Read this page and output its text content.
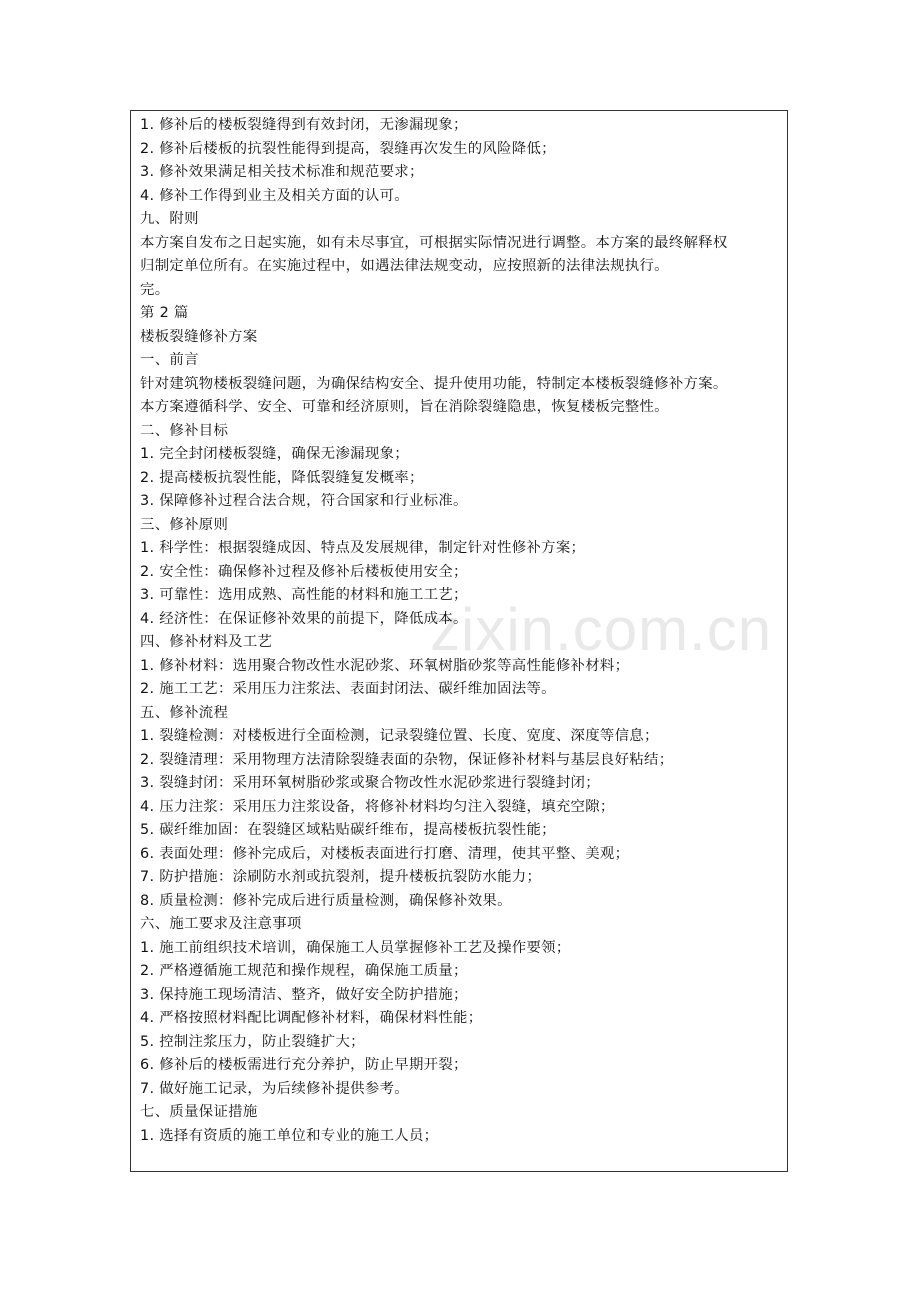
zixin.com.cn
1. 修补后的楼板裂缝得到有效封闭，无渗漏现象；
2. 修补后楼板的抗裂性能得到提高，裂缝再次发生的风险降低；
3. 修补效果满足相关技术标准和规范要求；
4. 修补工作得到业主及相关方面的认可。
九、附则
本方案自发布之日起实施，如有未尽事宜，可根据实际情况进行调整。本方案的最终解释权
归制定单位所有。在实施过程中，如遇法律法规变动，应按照新的法律法规执行。
完。
第 2 篇
楼板裂缝修补方案
一、前言
针对建筑物楼板裂缝问题，为确保结构安全、提升使用功能，特制定本楼板裂缝修补方案。
本方案遵循科学、安全、可靠和经济原则，旨在消除裂缝隐患，恢复楼板完整性。
二、修补目标
1. 完全封闭楼板裂缝，确保无渗漏现象；
2. 提高楼板抗裂性能，降低裂缝复发概率；
3. 保障修补过程合法合规，符合国家和行业标准。
三、修补原则
1. 科学性：根据裂缝成因、特点及发展规律，制定针对性修补方案；
2. 安全性：确保修补过程及修补后楼板使用安全；
3. 可靠性：选用成熟、高性能的材料和施工工艺；
4. 经济性：在保证修补效果的前提下，降低成本。
四、修补材料及工艺
1. 修补材料：选用聚合物改性水泥砂浆、环氧树脂砂浆等高性能修补材料；
2. 施工工艺：采用压力注浆法、表面封闭法、碳纤维加固法等。
五、修补流程
1. 裂缝检测：对楼板进行全面检测，记录裂缝位置、长度、宽度、深度等信息；
2. 裂缝清理：采用物理方法清除裂缝表面的杂物，保证修补材料与基层良好粘结；
3. 裂缝封闭：采用环氧树脂砂浆或聚合物改性水泥砂浆进行裂缝封闭；
4. 压力注浆：采用压力注浆设备，将修补材料均匀注入裂缝，填充空隙；
5. 碳纤维加固：在裂缝区域粘贴碳纤维布，提高楼板抗裂性能；
6. 表面处理：修补完成后，对楼板表面进行打磨、清理，使其平整、美观；
7. 防护措施：涂刷防水剂或抗裂剂，提升楼板抗裂防水能力；
8. 质量检测：修补完成后进行质量检测，确保修补效果。
六、施工要求及注意事项
1. 施工前组织技术培训，确保施工人员掌握修补工艺及操作要领；
2. 严格遵循施工规范和操作规程，确保施工质量；
3. 保持施工现场清洁、整齐，做好安全防护措施；
4. 严格按照材料配比调配修补材料，确保材料性能；
5. 控制注浆压力，防止裂缝扩大；
6. 修补后的楼板需进行充分养护，防止早期开裂；
7. 做好施工记录，为后续修补提供参考。
七、质量保证措施
1. 选择有资质的施工单位和专业的施工人员；
